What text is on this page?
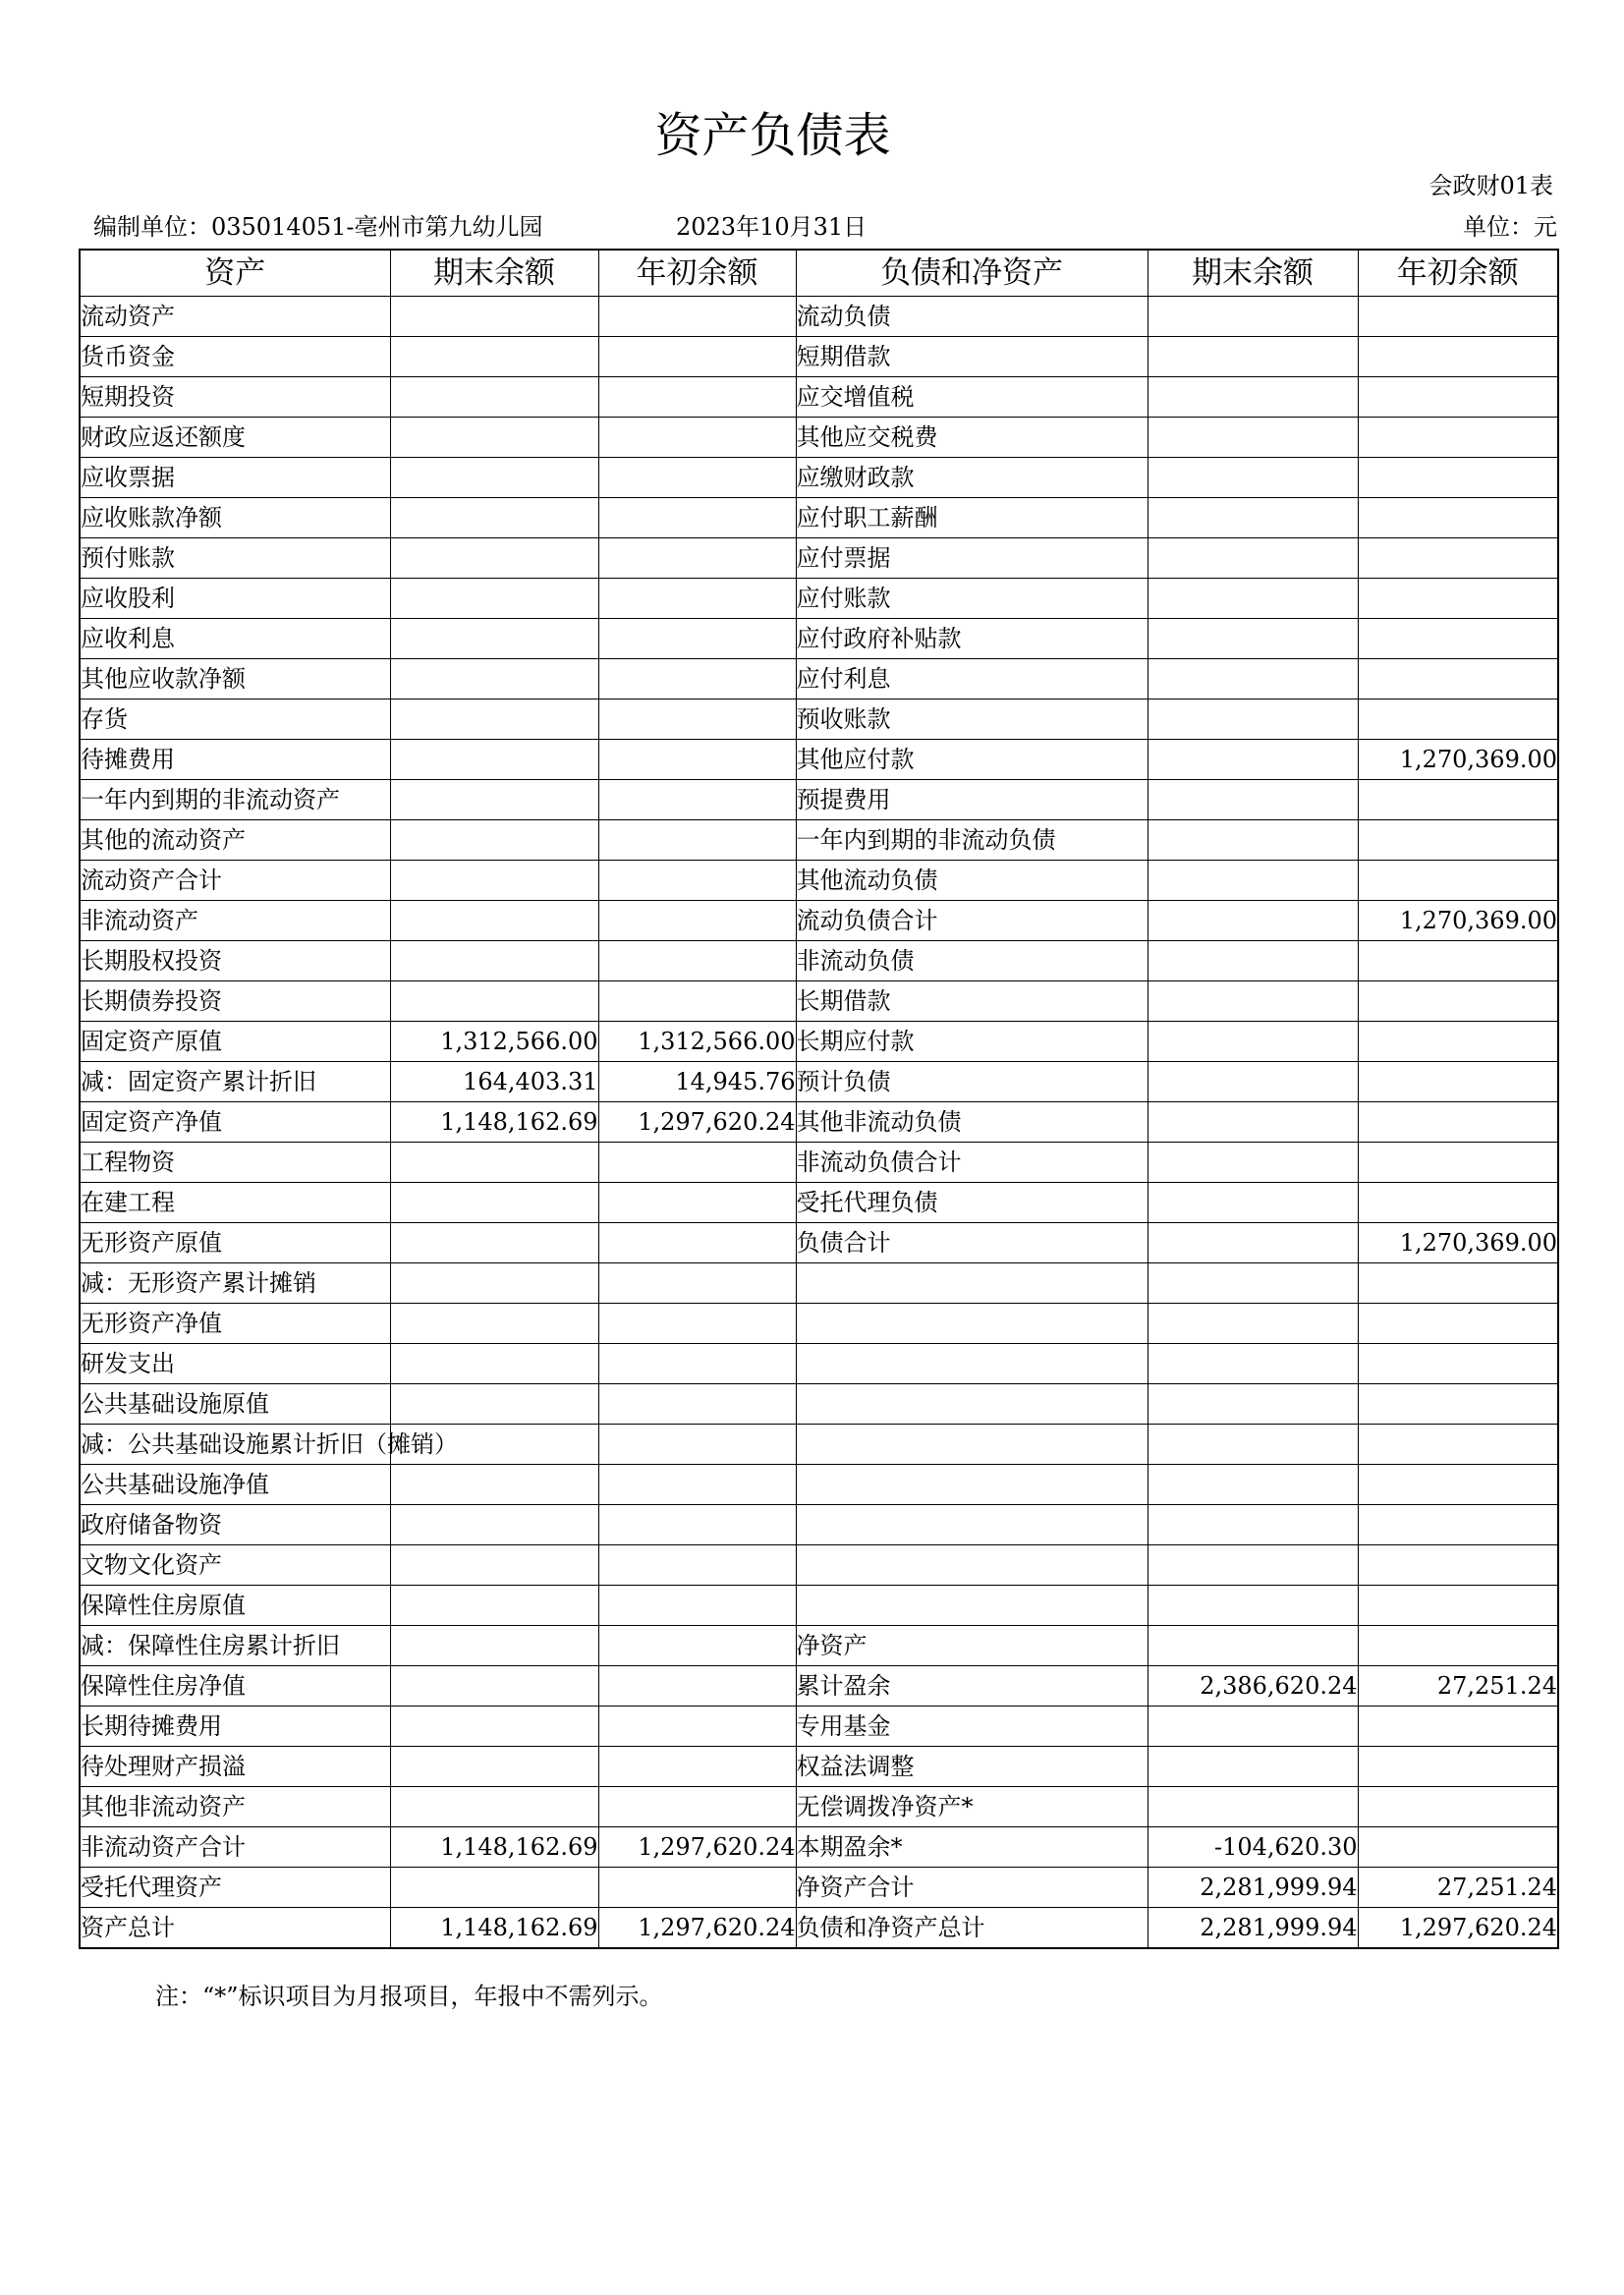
资产负债表
会政财01表
编制单位：035014051-亳州市第九幼儿园	2023年10月31日	单位：元
资产	期末余额	年初余额	负债和净资产	期末余额	年初余额
流动资产			流动负债		
货币资金			短期借款		
短期投资			应交增值税		
财政应返还额度			其他应交税费		
应收票据			应缴财政款		
应收账款净额			应付职工薪酬		
预付账款			应付票据		
应收股利			应付账款		
应收利息			应付政府补贴款		
其他应收款净额			应付利息		
存货			预收账款		
待摊费用			其他应付款		1,270,369.00
一年内到期的非流动资产			预提费用		
其他的流动资产			一年内到期的非流动负债		
流动资产合计			其他流动负债		
非流动资产			流动负债合计		1,270,369.00
长期股权投资			非流动负债		
长期债券投资			长期借款		
固定资产原值	1,312,566.00	1,312,566.00	长期应付款		
减：固定资产累计折旧	164,403.31	14,945.76	预计负债		
固定资产净值	1,148,162.69	1,297,620.24	其他非流动负债		
工程物资			非流动负债合计		
在建工程			受托代理负债		
无形资产原值			负债合计		1,270,369.00
减：无形资产累计摊销					
无形资产净值					
研发支出					
公共基础设施原值					
减：公共基础设施累计折旧（摊销）					
公共基础设施净值					
政府储备物资					
文物文化资产					
保障性住房原值					
减：保障性住房累计折旧			净资产		
保障性住房净值			累计盈余	2,386,620.24	27,251.24
长期待摊费用			专用基金		
待处理财产损溢			权益法调整		
其他非流动资产			无偿调拨净资产*		
非流动资产合计	1,148,162.69	1,297,620.24	本期盈余*	-104,620.30	
受托代理资产			净资产合计	2,281,999.94	27,251.24
资产总计	1,148,162.69	1,297,620.24	负债和净资产总计	2,281,999.94	1,297,620.24
注：“*”标识项目为月报项目，年报中不需列示。
